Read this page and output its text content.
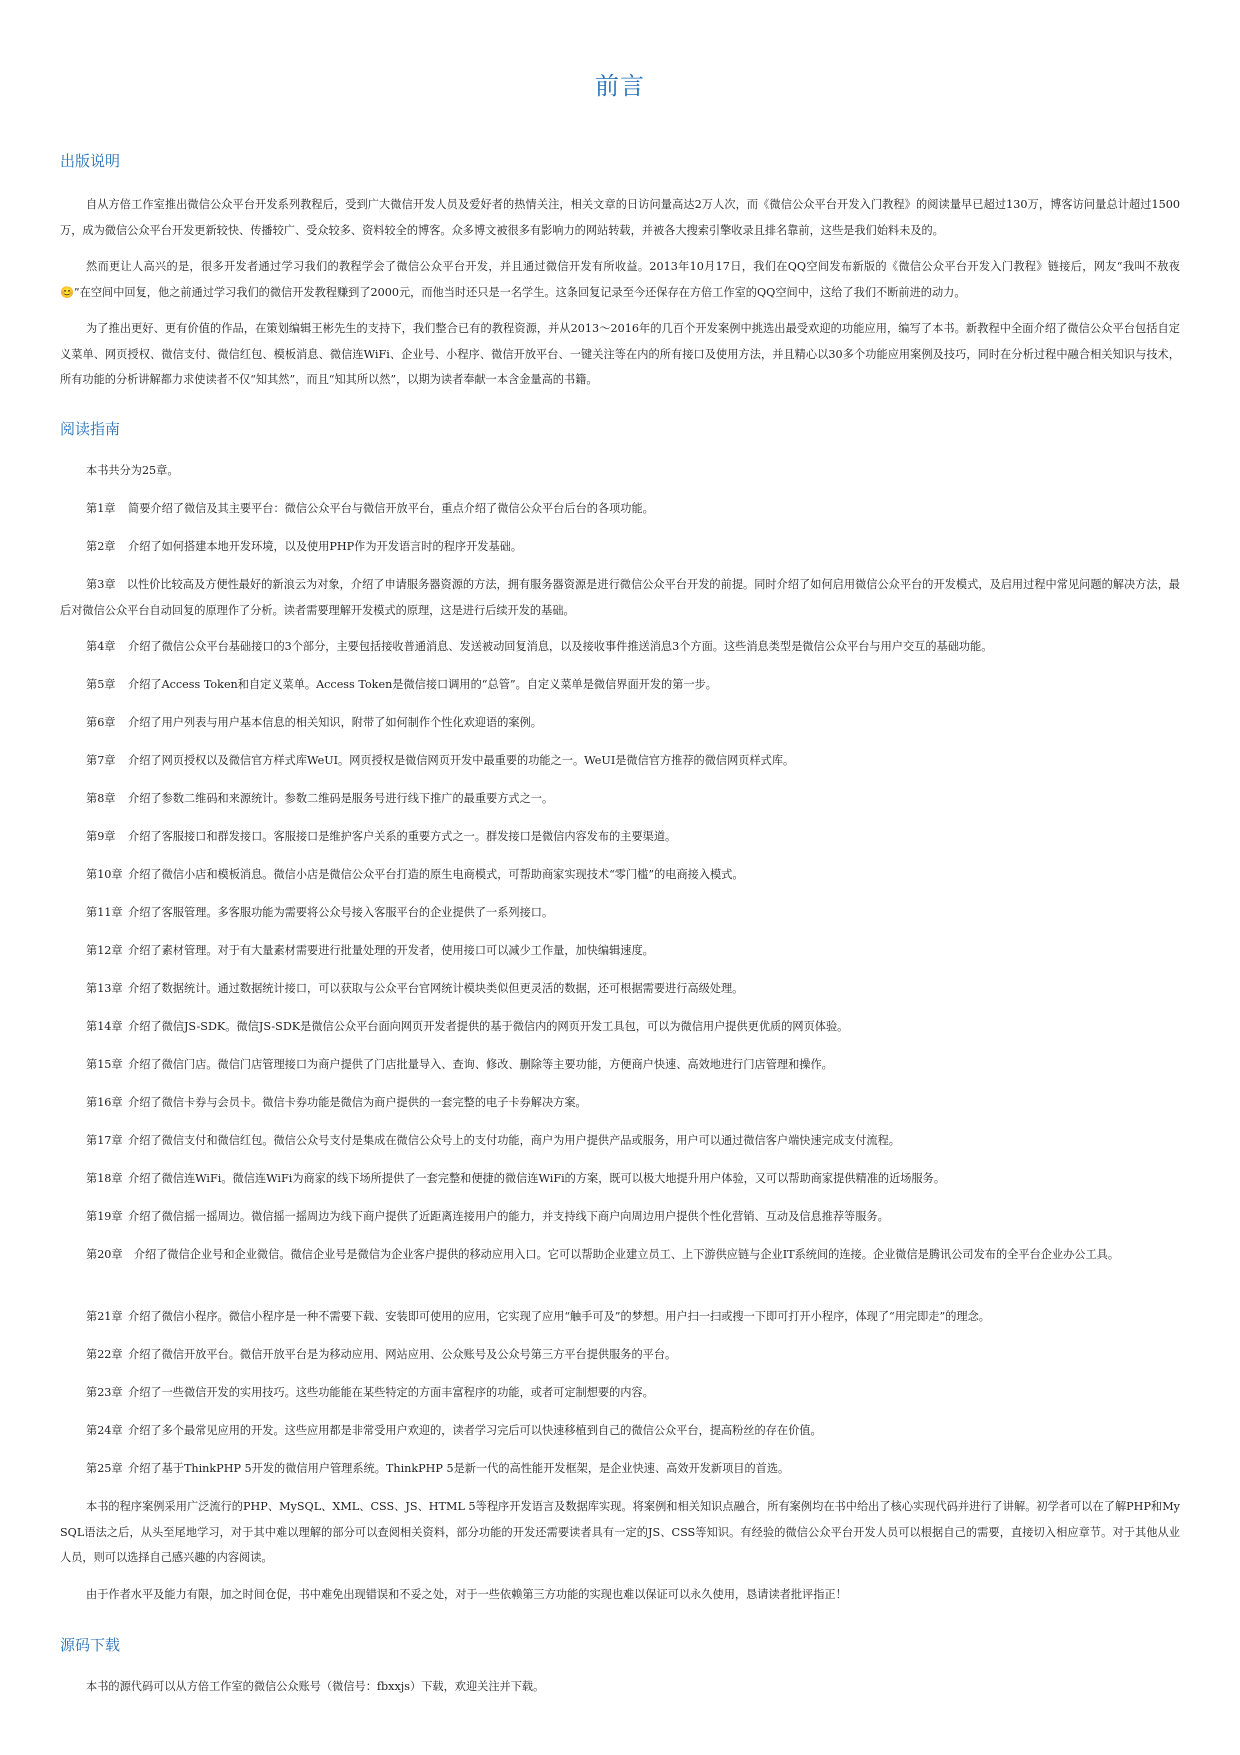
前言
出版说明
自从方倍工作室推出微信公众平台开发系列教程后，受到广大微信开发人员及爱好者的热情关注，相关文章的日访问量高达2万人次，而《微信公众平台开发入门教程》的阅读量早已超过130万，博客访问量总计超过1500万，成为微信公众平台开发更新较快、传播较广、受众较多、资料较全的博客。众多博文被很多有影响力的网站转载，并被各大搜索引擎收录且排名靠前，这些是我们始料未及的。
然而更让人高兴的是，很多开发者通过学习我们的教程学会了微信公众平台开发，并且通过微信开发有所收益。2013年10月17日，我们在QQ空间发布新版的《微信公众平台开发入门教程》链接后，网友“我叫不敖夜😊”在空间中回复，他之前通过学习我们的微信开发教程赚到了2000元，而他当时还只是一名学生。这条回复记录至今还保存在方倍工作室的QQ空间中，这给了我们不断前进的动力。
为了推出更好、更有价值的作品，在策划编辑王彬先生的支持下，我们整合已有的教程资源，并从2013～2016年的几百个开发案例中挑选出最受欢迎的功能应用，编写了本书。新教程中全面介绍了微信公众平台包括自定义菜单、网页授权、微信支付、微信红包、模板消息、微信连WiFi、企业号、小程序、微信开放平台、一键关注等在内的所有接口及使用方法，并且精心以30多个功能应用案例及技巧，同时在分析过程中融合相关知识与技术，所有功能的分析讲解都力求使读者不仅“知其然”，而且“知其所以然”，以期为读者奉献一本含金量高的书籍。
阅读指南
本书共分为25章。
第1章 简要介绍了微信及其主要平台：微信公众平台与微信开放平台，重点介绍了微信公众平台后台的各项功能。
第2章 介绍了如何搭建本地开发环境，以及使用PHP作为开发语言时的程序开发基础。
第3章　 以性价比较高及方便性最好的新浪云为对象，介绍了申请服务器资源的方法，拥有服务器资源是进行微信公众平台开发的前提。同时介绍了如何启用微信公众平台的开发模式，及启用过程中常见问题的解决方法，最后对微信公众平台自动回复的原理作了分析。读者需要理解开发模式的原理，这是进行后续开发的基础。
第4章 介绍了微信公众平台基础接口的3个部分，主要包括接收普通消息、发送被动回复消息，以及接收事件推送消息3个方面。这些消息类型是微信公众平台与用户交互的基础功能。
第5章 介绍了Access Token和自定义菜单。Access Token是微信接口调用的“总管”。自定义菜单是微信界面开发的第一步。
第6章 介绍了用户列表与用户基本信息的相关知识，附带了如何制作个性化欢迎语的案例。
第7章 介绍了网页授权以及微信官方样式库WeUI。网页授权是微信网页开发中最重要的功能之一。WeUI是微信官方推荐的微信网页样式库。
第8章 介绍了参数二维码和来源统计。参数二维码是服务号进行线下推广的最重要方式之一。
第9章 介绍了客服接口和群发接口。客服接口是维护客户关系的重要方式之一。群发接口是微信内容发布的主要渠道。
第10章 介绍了微信小店和模板消息。微信小店是微信公众平台打造的原生电商模式，可帮助商家实现技术“零门槛”的电商接入模式。
第11章 介绍了客服管理。多客服功能为需要将公众号接入客服平台的企业提供了一系列接口。
第12章 介绍了素材管理。对于有大量素材需要进行批量处理的开发者，使用接口可以减少工作量，加快编辑速度。
第13章 介绍了数据统计。通过数据统计接口，可以获取与公众平台官网统计模块类似但更灵活的数据，还可根据需要进行高级处理。
第14章 介绍了微信JS-SDK。微信JS-SDK是微信公众平台面向网页开发者提供的基于微信内的网页开发工具包，可以为微信用户提供更优质的网页体验。
第15章 介绍了微信门店。微信门店管理接口为商户提供了门店批量导入、查询、修改、删除等主要功能，方便商户快速、高效地进行门店管理和操作。
第16章 介绍了微信卡券与会员卡。微信卡券功能是微信为商户提供的一套完整的电子卡券解决方案。
第17章 介绍了微信支付和微信红包。微信公众号支付是集成在微信公众号上的支付功能，商户为用户提供产品或服务，用户可以通过微信客户端快速完成支付流程。
第18章 介绍了微信连WiFi。微信连WiFi为商家的线下场所提供了一套完整和便捷的微信连WiFi的方案，既可以极大地提升用户体验，又可以帮助商家提供精准的近场服务。
第19章 介绍了微信摇一摇周边。微信摇一摇周边为线下商户提供了近距离连接用户的能力，并支持线下商户向周边用户提供个性化营销、互动及信息推荐等服务。
第20章　 介绍了微信企业号和企业微信。微信企业号是微信为企业客户提供的移动应用入口。它可以帮助企业建立员工、上下游供应链与企业IT系统间的连接。企业微信是腾讯公司发布的全平台企业办公工具。
第21章 介绍了微信小程序。微信小程序是一种不需要下载、安装即可使用的应用，它实现了应用“触手可及”的梦想。用户扫一扫或搜一下即可打开小程序，体现了“用完即走”的理念。
第22章 介绍了微信开放平台。微信开放平台是为移动应用、网站应用、公众账号及公众号第三方平台提供服务的平台。
第23章 介绍了一些微信开发的实用技巧。这些功能能在某些特定的方面丰富程序的功能，或者可定制想要的内容。
第24章 介绍了多个最常见应用的开发。这些应用都是非常受用户欢迎的，读者学习完后可以快速移植到自己的微信公众平台，提高粉丝的存在价值。
第25章 介绍了基于ThinkPHP 5开发的微信用户管理系统。ThinkPHP 5是新一代的高性能开发框架，是企业快速、高效开发新项目的首选。
本书的程序案例采用广泛流行的PHP、MySQL、XML、CSS、JS、HTML 5等程序开发语言及数据库实现。将案例和相关知识点融合，所有案例均在书中给出了核心实现代码并进行了讲解。初学者可以在了解PHP和MySQL语法之后，从头至尾地学习，对于其中难以理解的部分可以查阅相关资料，部分功能的开发还需要读者具有一定的JS、CSS等知识。有经验的微信公众平台开发人员可以根据自己的需要，直接切入相应章节。对于其他从业人员，则可以选择自己感兴趣的内容阅读。
由于作者水平及能力有限，加之时间仓促，书中难免出现错误和不妥之处，对于一些依赖第三方功能的实现也难以保证可以永久使用，恳请读者批评指正！
源码下载
本书的源代码可以从方倍工作室的微信公众账号（微信号：fbxxjs）下载，欢迎关注并下载。
